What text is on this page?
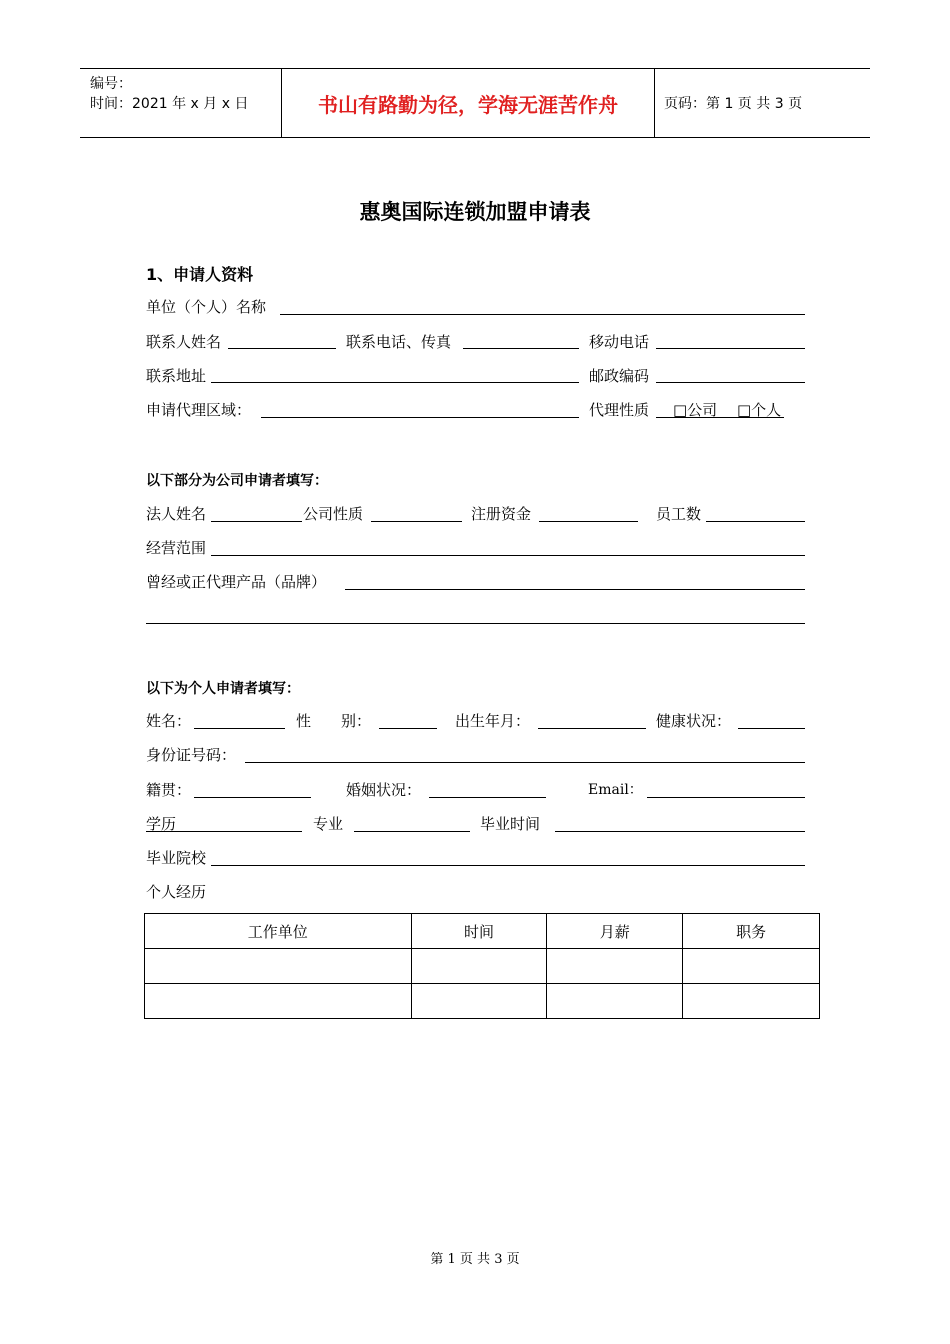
编号：
时间：2021 年 x 月 x 日	书山有路勤为径，学海无涯苦作舟	页码：第 1 页 共 3 页
惠奥国际连锁加盟申请表
1、申请人资料
单位（个人）名称
联系人姓名	联系电话、传真	移动电话
联系地址	邮政编码
申请代理区域：	代理性质 □公司 □个人
以下部分为公司申请者填写：
法人姓名	公司性质	注册资金	员工数
经营范围
曾经或正代理产品（品牌）
以下为个人申请者填写：
姓名：	性　　别：	出生年月：	健康状况：
身份证号码：
籍贯：	婚姻状况：	Email：
学历	专业	毕业时间
毕业院校
个人经历
工作单位	时间	月薪	职务

第 1 页 共 3 页
